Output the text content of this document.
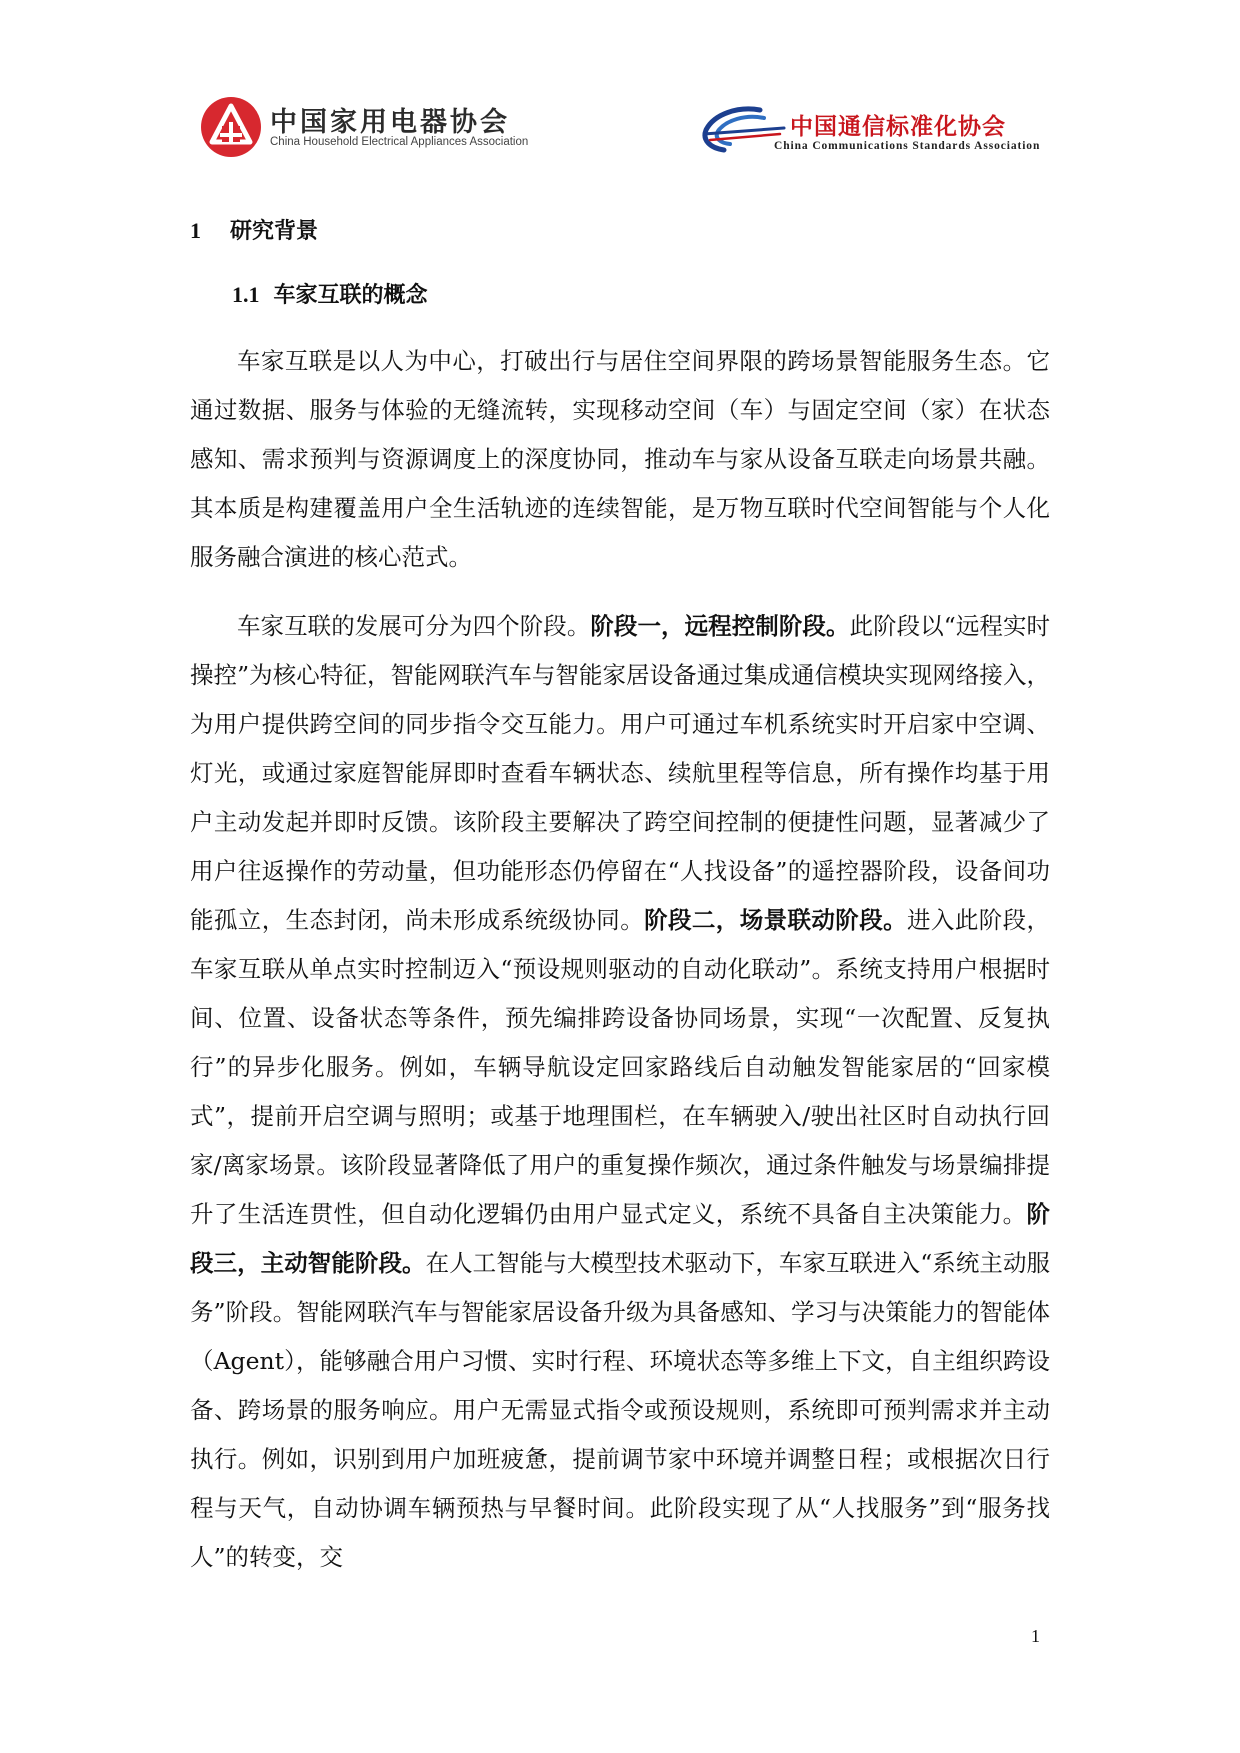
中国家用电器协会
China Household Electrical Appliances Association
中国通信标准化协会
China Communications Standards Association
1 研究背景
1.1 车家互联的概念

车家互联是以人为中心，打破出行与居住空间界限的跨场景智能服务生态。它通过数据、服务与体验的无缝流转，实现移动空间（车）与固定空间（家）在状态感知、需求预判与资源调度上的深度协同，推动车与家从设备互联走向场景共融。其本质是构建覆盖用户全生活轨迹的连续智能，是万物互联时代空间智能与个人化服务融合演进的核心范式。

车家互联的发展可分为四个阶段。阶段一，远程控制阶段。此阶段以“远程实时操控”为核心特征，智能网联汽车与智能家居设备通过集成通信模块实现网络接入，为用户提供跨空间的同步指令交互能力。用户可通过车机系统实时开启家中空调、灯光，或通过家庭智能屏即时查看车辆状态、续航里程等信息，所有操作均基于用户主动发起并即时反馈。该阶段主要解决了跨空间控制的便捷性问题，显著减少了用户往返操作的劳动量，但功能形态仍停留在“人找设备”的遥控器阶段，设备间功能孤立，生态封闭，尚未形成系统级协同。阶段二，场景联动阶段。进入此阶段，车家互联从单点实时控制迈入“预设规则驱动的自动化联动”。系统支持用户根据时间、位置、设备状态等条件，预先编排跨设备协同场景，实现“一次配置、反复执行”的异步化服务。例如，车辆导航设定回家路线后自动触发智能家居的“回家模式”，提前开启空调与照明；或基于地理围栏，在车辆驶入/驶出社区时自动执行回家/离家场景。该阶段显著降低了用户的重复操作频次，通过条件触发与场景编排提升了生活连贯性，但自动化逻辑仍由用户显式定义，系统不具备自主决策能力。阶段三，主动智能阶段。在人工智能与大模型技术驱动下，车家互联进入“系统主动服务”阶段。智能网联汽车与智能家居设备升级为具备感知、学习与决策能力的智能体（Agent），能够融合用户习惯、实时行程、环境状态等多维上下文，自主组织跨设备、跨场景的服务响应。用户无需显式指令或预设规则，系统即可预判需求并主动执行。例如，识别到用户加班疲惫，提前调节家中环境并调整日程；或根据次日行程与天气，自动协调车辆预热与早餐时间。此阶段实现了从“人找服务”到“服务找人”的转变，交

1
